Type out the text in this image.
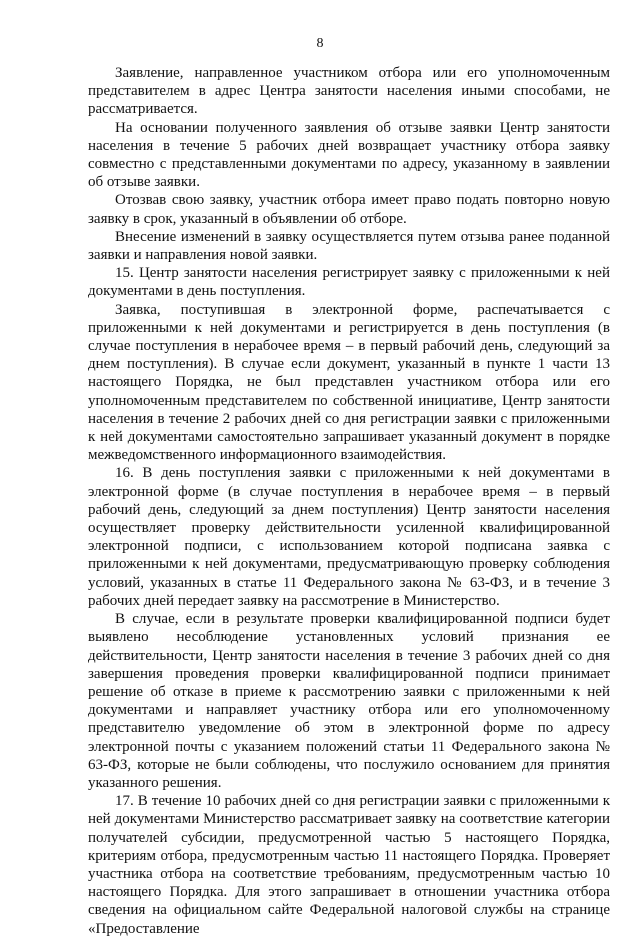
8

Заявление, направленное участником отбора или его уполномоченным представителем в адрес Центра занятости населения иными способами, не рассматривается.

На основании полученного заявления об отзыве заявки Центр занятости населения в течение 5 рабочих дней возвращает участнику отбора заявку совместно с представленными документами по адресу, указанному в заявлении об отзыве заявки.

Отозвав свою заявку, участник отбора имеет право подать повторно новую заявку в срок, указанный в объявлении об отборе.

Внесение изменений в заявку осуществляется путем отзыва ранее поданной заявки и направления новой заявки.

15. Центр занятости населения регистрирует заявку с приложенными к ней документами в день поступления.

Заявка, поступившая в электронной форме, распечатывается с приложенными к ней документами и регистрируется в день поступления (в случае поступления в нерабочее время – в первый рабочий день, следующий за днем поступления). В случае если документ, указанный в пункте 1 части 13 настоящего Порядка, не был представлен участником отбора или его уполномоченным представителем по собственной инициативе, Центр занятости населения в течение 2 рабочих дней со дня регистрации заявки с приложенными к ней документами самостоятельно запрашивает указанный документ в порядке межведомственного информационного взаимодействия.

16. В день поступления заявки с приложенными к ней документами в электронной форме (в случае поступления в нерабочее время – в первый рабочий день, следующий за днем поступления) Центр занятости населения осуществляет проверку действительности усиленной квалифицированной электронной подписи, с использованием которой подписана заявка с приложенными к ней документами, предусматривающую проверку соблюдения условий, указанных в статье 11 Федерального закона № 63-ФЗ, и в течение 3 рабочих дней передает заявку на рассмотрение в Министерство.

В случае, если в результате проверки квалифицированной подписи будет выявлено несоблюдение установленных условий признания ее действительности, Центр занятости населения в течение 3 рабочих дней со дня завершения проведения проверки квалифицированной подписи принимает решение об отказе в приеме к рассмотрению заявки с приложенными к ней документами и направляет участнику отбора или его уполномоченному представителю уведомление об этом в электронной форме по адресу электронной почты с указанием положений статьи 11 Федерального закона № 63-ФЗ, которые не были соблюдены, что послужило основанием для принятия указанного решения.

17. В течение 10 рабочих дней со дня регистрации заявки с приложенными к ней документами Министерство рассматривает заявку на соответствие категории получателей субсидии, предусмотренной частью 5 настоящего Порядка, критериям отбора, предусмотренным частью 11 настоящего Порядка. Проверяет участника отбора на соответствие требованиям, предусмотренным частью 10 настоящего Порядка. Для этого запрашивает в отношении участника отбора сведения на официальном сайте Федеральной налоговой службы на странице «Предоставление
